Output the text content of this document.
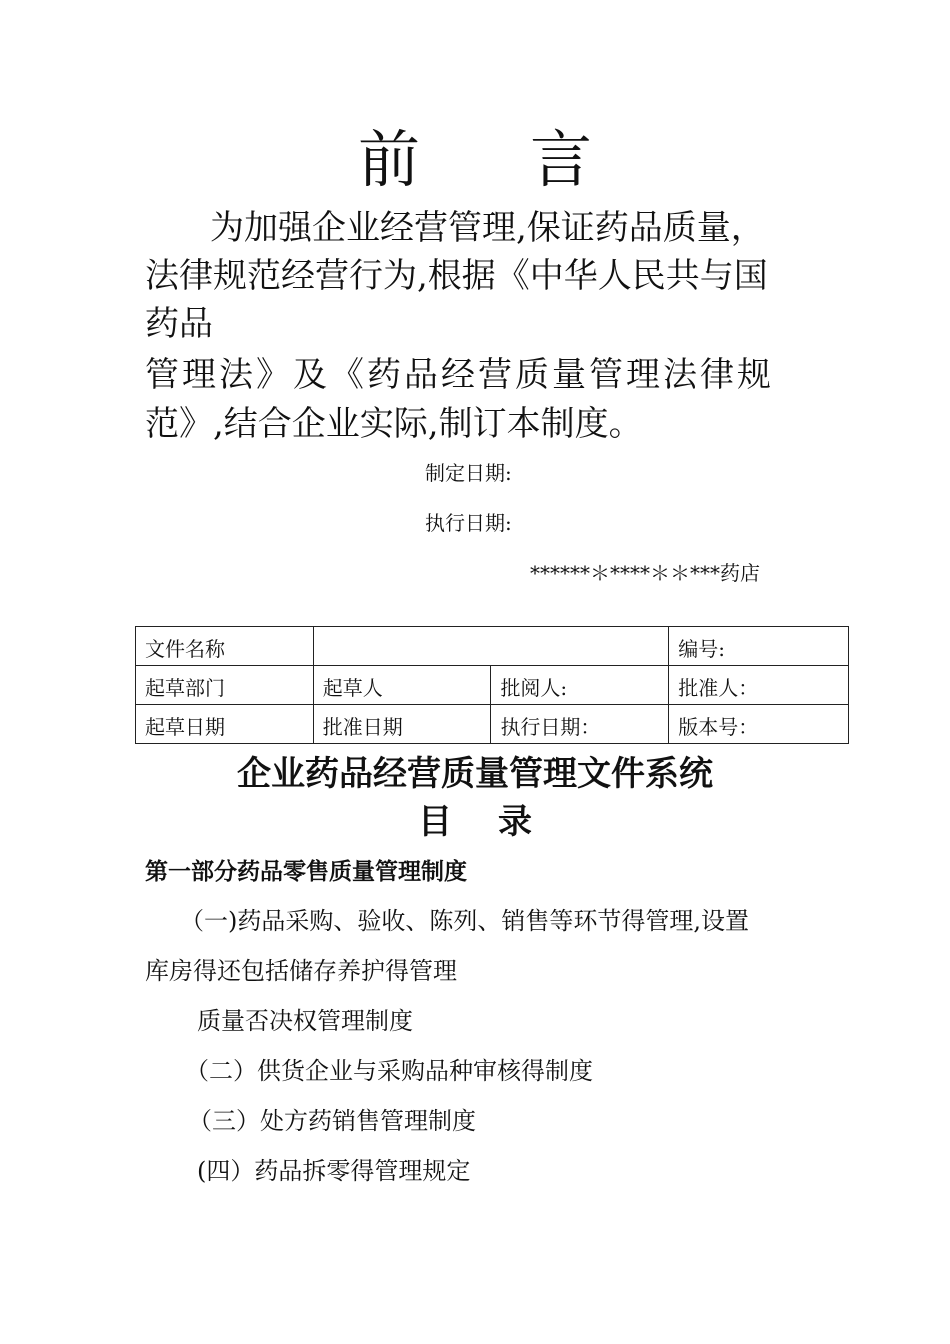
前 言
为加强企业经营管理,保证药品质量，
法律规范经营行为,根据《中华人民共与国
药品
管理法》及《药品经营质量管理法律规
范》,结合企业实际,制订本制度。
制定日期:
执行日期:
******＊****＊＊***药店
文件名称			编号:
起草部门	起草人	批阅人:	批准人：
起草日期	批准日期	执行日期：	版本号：
企业药品经营质量管理文件系统
目 录
第一部分药品零售质量管理制度
（一)药品采购、验收、陈列、销售等环节得管理,设置
库房得还包括储存养护得管理
质量否决权管理制度
（二）供货企业与采购品种审核得制度
（三）处方药销售管理制度
(四）药品拆零得管理规定
